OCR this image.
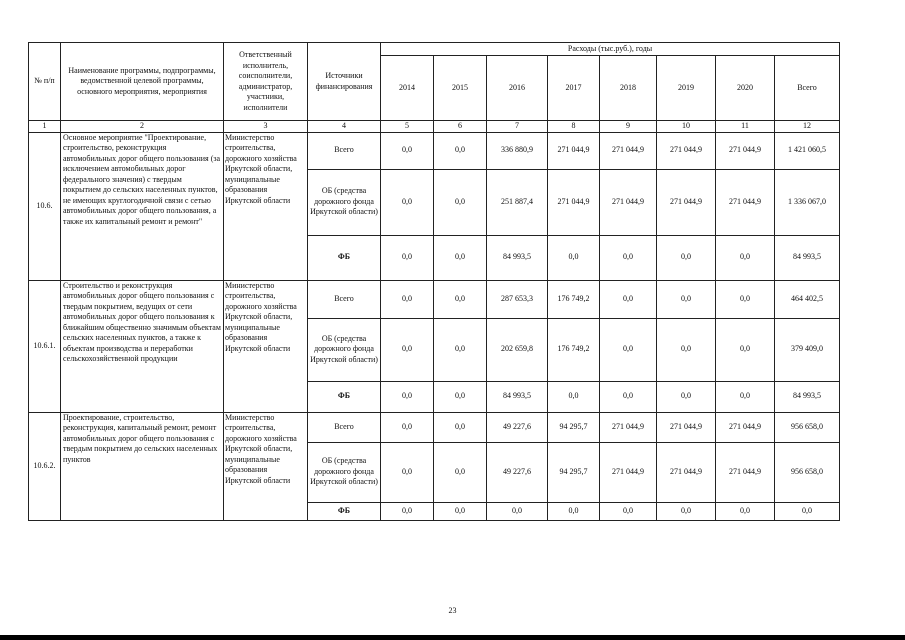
№ п/п	Наименование программы, подпрограммы, ведомственной целевой программы, основного мероприятия, мероприятия	Ответственный исполнитель, соисполнители, администратор, участники, исполнители	Источники финансирования	Расходы (тыс.руб.), годы							
				2014	2015	2016	2017	2018	2019	2020	Всего
1	2	3	4	5	6	7	8	9	10	11	12
10.6.	Основное мероприятие "Проектирование, строительство, реконструкция автомобильных дорог общего пользования (за исключением автомобильных дорог федерального значения) с твердым покрытием до сельских населенных пунктов, не имеющих круглогодичной связи с сетью автомобильных дорог общего пользования, а также их капитальный ремонт и ремонт"	Министерство строительства, дорожного хозяйства Иркутской области, муниципальные образования Иркутской области	Всего	0,0	0,0	336 880,9	271 044,9	271 044,9	271 044,9	271 044,9	1 421 060,5
			ОБ (средства дорожного фонда Иркутской области)	0,0	0,0	251 887,4	271 044,9	271 044,9	271 044,9	271 044,9	1 336 067,0
			ФБ	0,0	0,0	84 993,5	0,0	0,0	0,0	0,0	84 993,5
10.6.1.	Строительство и реконструкция автомобильных дорог общего пользования с твердым покрытием, ведущих от сети автомобильных дорог общего пользования к ближайшим общественно значимым объектам сельских населенных пунктов, а также к объектам производства и переработки сельскохозяйственной продукции	Министерство строительства, дорожного хозяйства Иркутской области, муниципальные образования Иркутской области	Всего	0,0	0,0	287 653,3	176 749,2	0,0	0,0	0,0	464 402,5
			ОБ (средства дорожного фонда Иркутской области)	0,0	0,0	202 659,8	176 749,2	0,0	0,0	0,0	379 409,0
			ФБ	0,0	0,0	84 993,5	0,0	0,0	0,0	0,0	84 993,5
10.6.2.	Проектирование, строительство, реконструкция, капитальный ремонт, ремонт автомобильных дорог общего пользования с твердым покрытием до сельских населенных пунктов	Министерство строительства, дорожного хозяйства Иркутской области, муниципальные образования Иркутской области	Всего	0,0	0,0	49 227,6	94 295,7	271 044,9	271 044,9	271 044,9	956 658,0
			ОБ (средства дорожного фонда Иркутской области)	0,0	0,0	49 227,6	94 295,7	271 044,9	271 044,9	271 044,9	956 658,0
			ФБ	0,0	0,0	0,0	0,0	0,0	0,0	0,0	0,0
23
